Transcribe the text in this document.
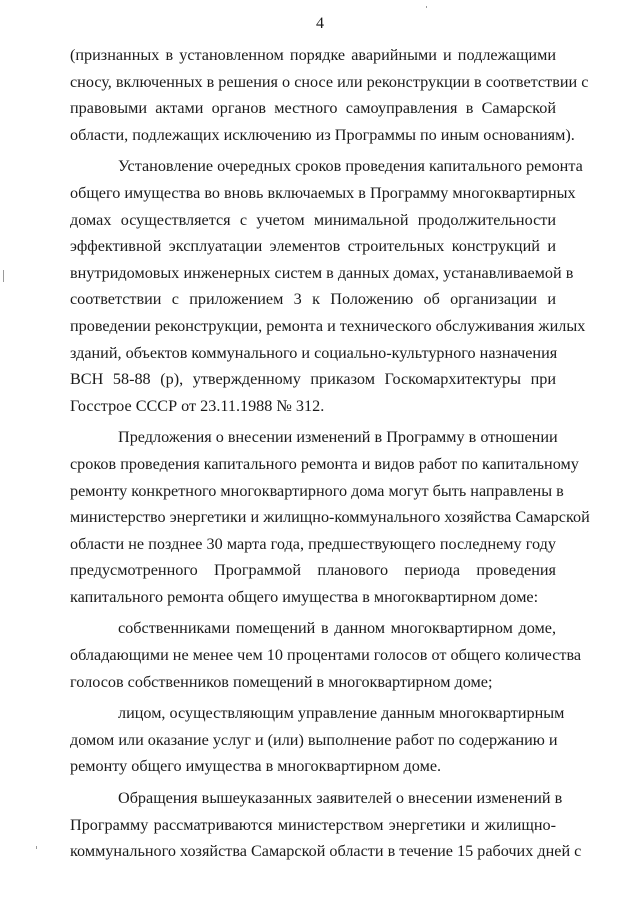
4
(признанных в установленном порядке аварийными и подлежащими
сносу, включенных в решения о сносе или реконструкции в соответствии с
правовыми актами органов местного самоуправления в Самарской
области, подлежащих исключению из Программы по иным основаниям).
Установление очередных сроков проведения капитального ремонта
общего имущества во вновь включаемых в Программу многоквартирных
домах осуществляется с учетом минимальной продолжительности
эффективной эксплуатации элементов строительных конструкций и
внутридомовых инженерных систем в данных домах, устанавливаемой в
соответствии с приложением 3 к Положению об организации и
проведении реконструкции, ремонта и технического обслуживания жилых
зданий, объектов коммунального и социально-культурного назначения
ВСН 58-88 (р), утвержденному приказом Госкомархитектуры при
Госстрое СССР от 23.11.1988 № 312.
Предложения о внесении изменений в Программу в отношении
сроков проведения капитального ремонта и видов работ по капитальному
ремонту конкретного многоквартирного дома могут быть направлены в
министерство энергетики и жилищно-коммунального хозяйства Самарской
области не позднее 30 марта года, предшествующего последнему году
предусмотренного Программой планового периода проведения
капитального ремонта общего имущества в многоквартирном доме:
собственниками помещений в данном многоквартирном доме,
обладающими не менее чем 10 процентами голосов от общего количества
голосов собственников помещений в многоквартирном доме;
лицом, осуществляющим управление данным многоквартирным
домом или оказание услуг и (или) выполнение работ по содержанию и
ремонту общего имущества в многоквартирном доме.
Обращения вышеуказанных заявителей о внесении изменений в
Программу рассматриваются министерством энергетики и жилищно-
коммунального хозяйства Самарской области в течение 15 рабочих дней с
